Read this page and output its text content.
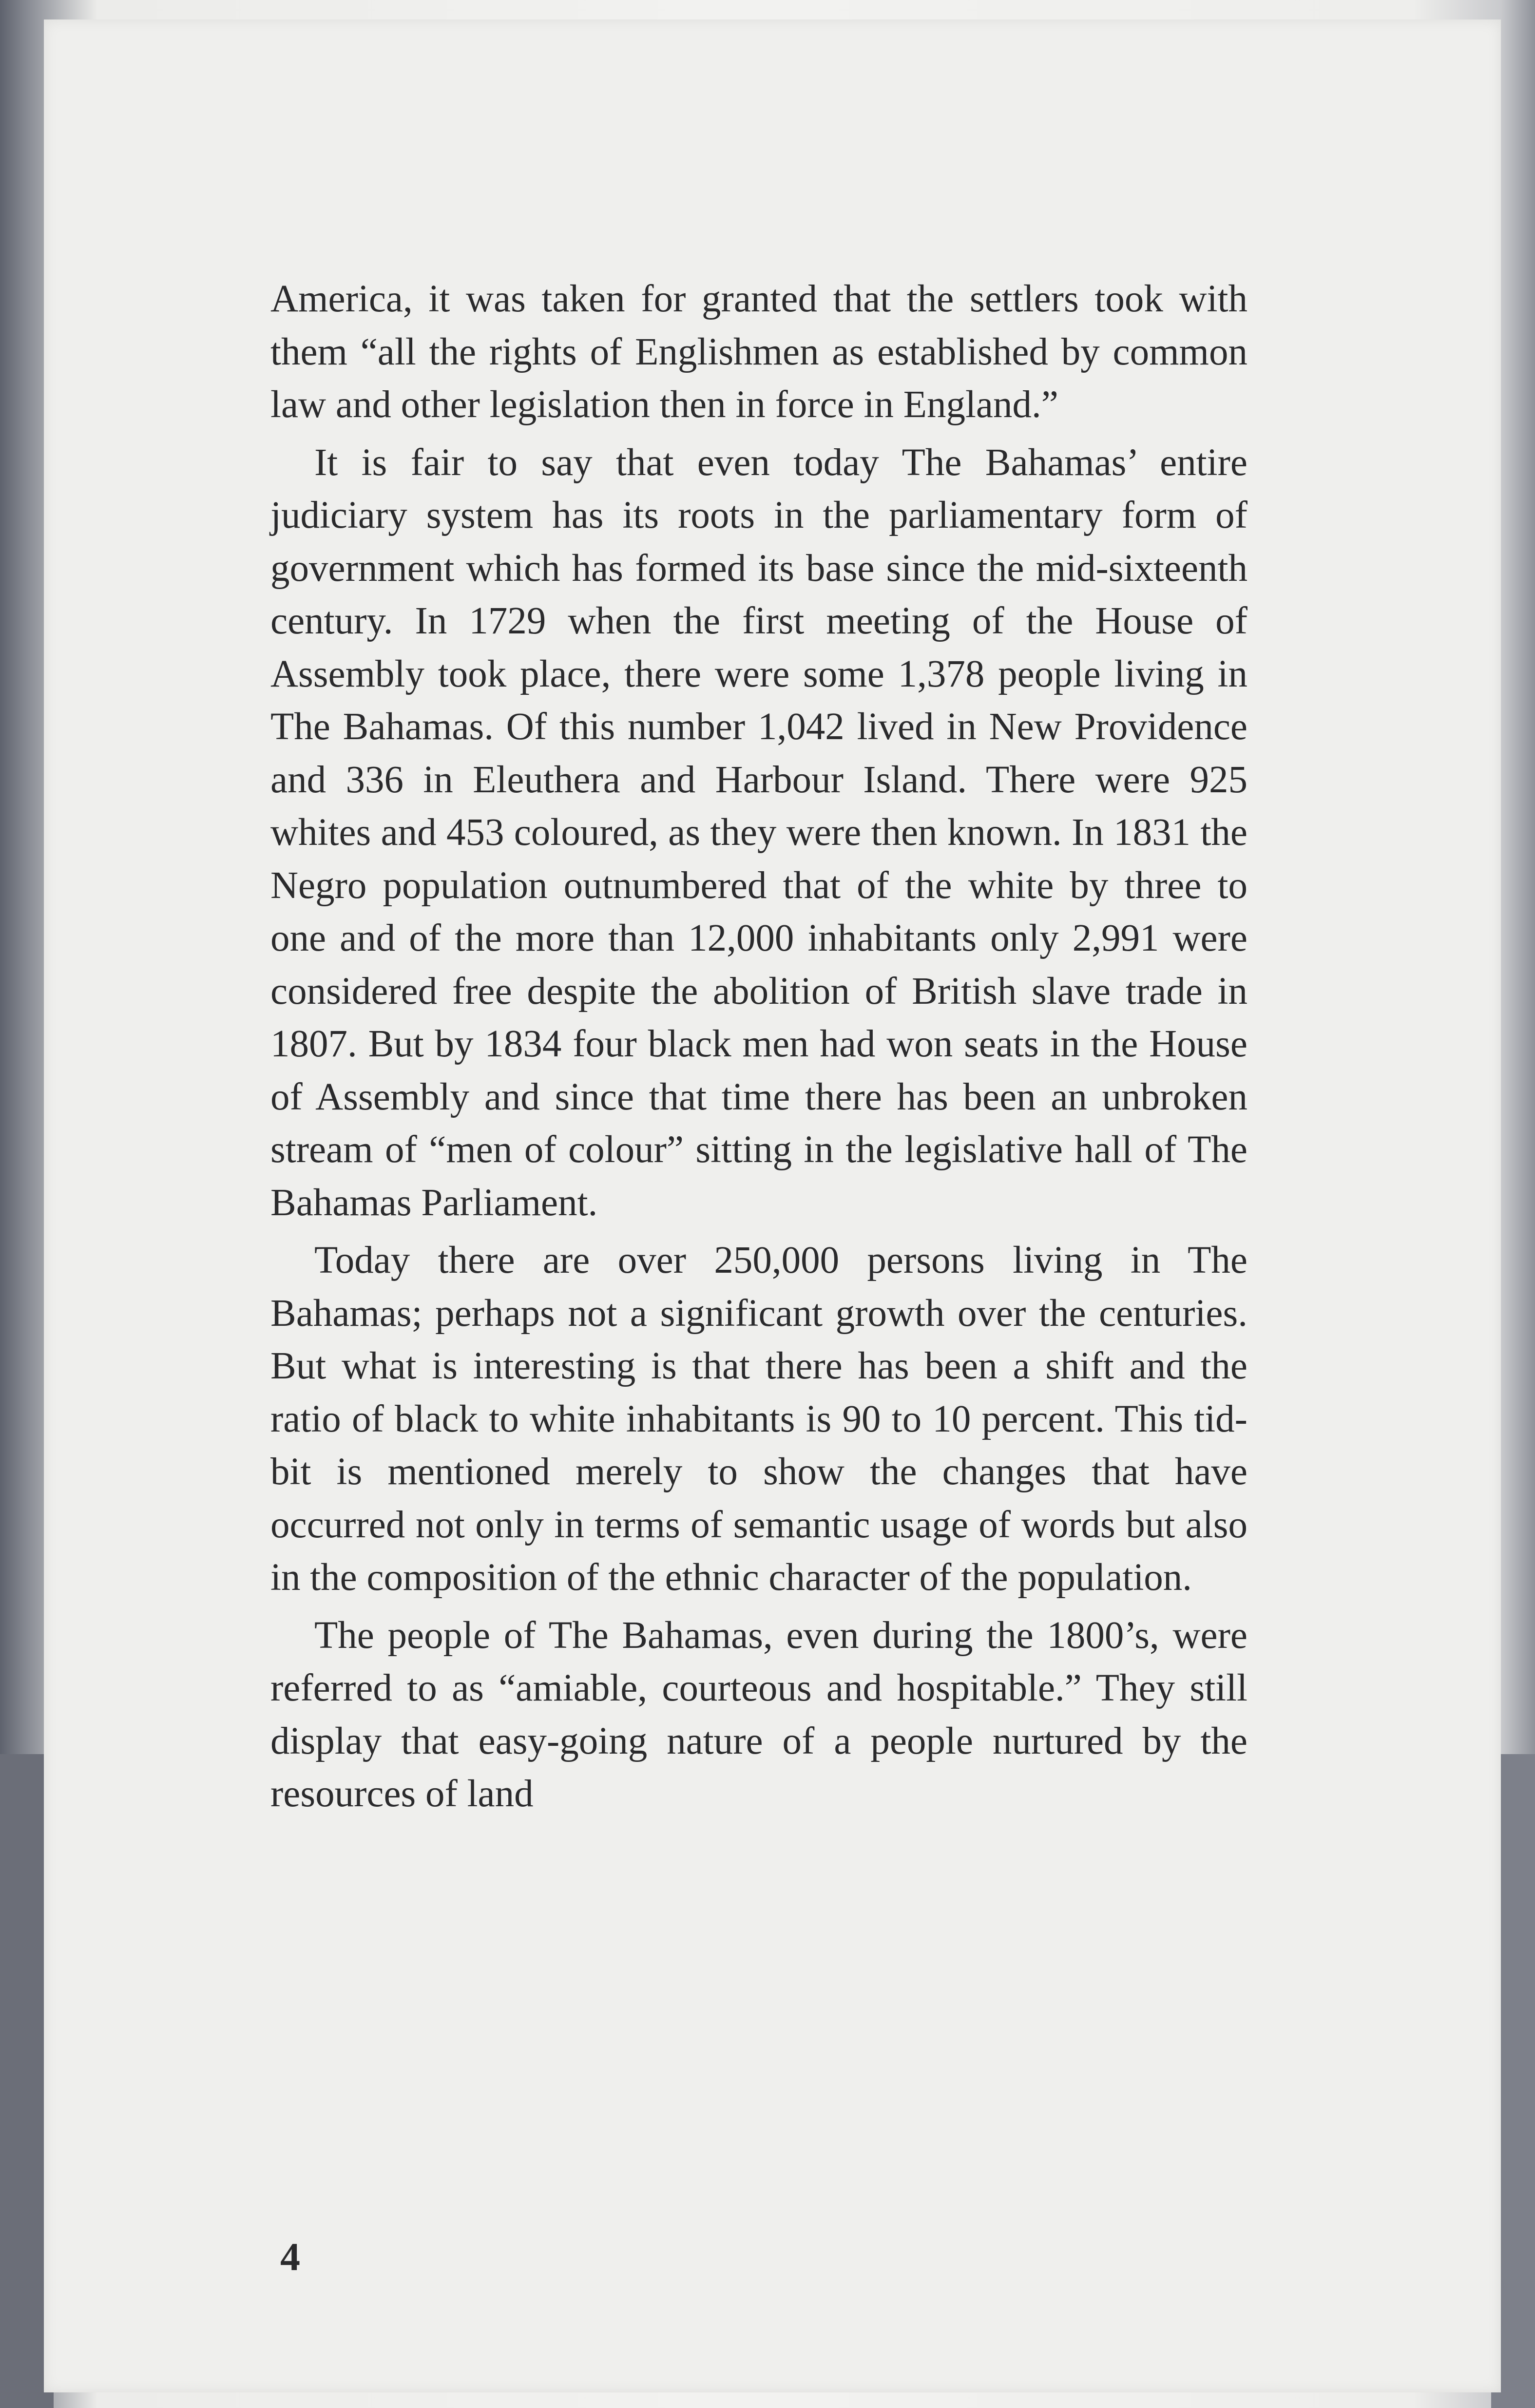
America, it was taken for granted that the settlers took with them “all the rights of Englishmen as established by common law and other legislation then in force in England.”

It is fair to say that even today The Bahamas’ entire judiciary system has its roots in the parliamentary form of government which has formed its base since the mid-sixteenth century. In 1729 when the first meeting of the House of Assembly took place, there were some 1,378 people living in The Bahamas. Of this number 1,042 lived in New Providence and 336 in Eleuthera and Harbour Island. There were 925 whites and 453 coloured, as they were then known. In 1831 the Negro population outnumbered that of the white by three to one and of the more than 12,000 inhabitants only 2,991 were considered free despite the abolition of British slave trade in 1807. But by 1834 four black men had won seats in the House of Assembly and since that time there has been an unbroken stream of “men of colour” sitting in the legislative hall of The Bahamas Parliament.

Today there are over 250,000 persons living in The Bahamas; perhaps not a significant growth over the centuries. But what is interesting is that there has been a shift and the ratio of black to white inhabitants is 90 to 10 percent. This tid-bit is mentioned merely to show the changes that have occurred not only in terms of semantic usage of words but also in the composition of the ethnic character of the population.

The people of The Bahamas, even during the 1800’s, were referred to as “amiable, courteous and hospitable.” They still display that easy-going nature of a people nurtured by the resources of land

4
